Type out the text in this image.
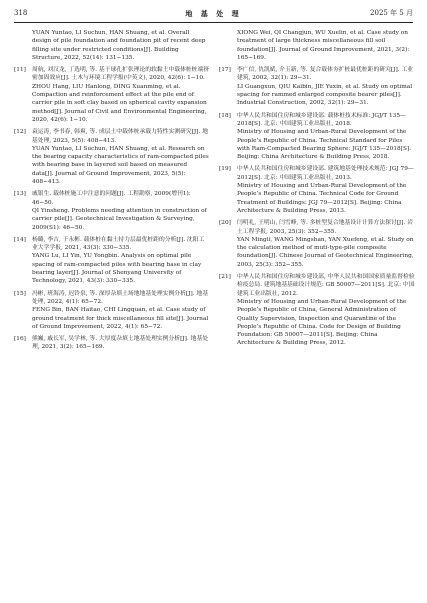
318	地 基 处 理	2025 年 5 月
YUAN Yuntao, LI Suchun, HAN Shuang, et al. Overall design of pile foundation and foundation pit of recent deep filling site under restricted conditions[J]. Building Structure, 2022, 52(14): 131−135.
[11] 周航, 刘汉龙, 丁选明, 等. 基于球孔扩张理论的软黏土中载体桩桩端挤密加固效应[J]. 土木与环境工程学报(中英文), 2020, 42(6): 1−10.
ZHOU Hang, LIU Hanlong, DING Xuanming, et al. Compaction and reinforcement effect at the pile end of carrier pile in soft clay based on spherical cavity expansion method[J]. Journal of Civil and Environmental Engineering, 2020, 42(6): 1−10.
[12] 袁运涛, 李书春, 韩爽, 等. 成层土中载体桩承载力特性实测研究[J]. 地基处理, 2023, 5(5): 408−413.
YUAN Yuntao, LI Suchun, HAN Shuang, et al. Research on the bearing capacity characteristics of ram-compacted piles with bearing base in layered soil based on measured data[J]. Journal of Ground Improvement, 2023, 5(5): 408−413.
[13] 戚银生. 载体桩施工中注意的问题[J]. 工程勘察, 2009(增刊1): 46−50.
QI Yinsheng. Problems needing attention in construction of carrier pile[J]. Geotechnical Investigation & Surveying, 2009(S1): 46−50.
[14] 杨璐, 李吉, 于永彬. 载体桩在黏土持力层最优桩距的分析[J]. 沈阳工业大学学报, 2021, 43(3): 330−335.
YANG Lu, LI Yin, YU Yongbin. Analysis on optimal pile spacing of ram-compacted piles with bearing base in clay bearing layer[J]. Journal of Shenyang University of Technology, 2021, 43(3): 330−335.
[15] 冯彬, 班海涛, 迟铃泉, 等. 深厚杂填土场地地基处理实例分析[J]. 地基处理, 2022, 4(1): 65−72.
FENG Bin, BAN Haitao, CHI Lingquan, et al. Case study of ground treatment for thick miscellaneous fill site[J]. Journal of Ground Improvement, 2022, 4(1): 65−72.
[16] 熊巍, 戚长军, 吴学林, 等. 大厚度杂填土地基处理实例分析[J]. 地基处理, 2021, 3(2): 165−169.
XIONG Wei, QI Changjun, WU Xuelin, et al. Case study on treatment of large thickness miscellaneous fill soil foundation[J]. Journal of Ground Improvement, 2021, 3(2): 165−169.
[17] 李广信, 仇凯斌, 介玉新, 等. 复合载体夯扩桩最优桩距的研究[J]. 工业建筑, 2002, 32(1): 29−31.
LI Guangxun, QIU Kaibin, JIE Yuxin, et al. Study on optimal spacing for rammed enlarged composite bearer piles[J]. Industrial Construction, 2002, 32(1): 29−31.
[18] 中华人民共和国住房和城乡建设部. 载体桩技术标准: JGJ/T 135—2018[S]. 北京: 中国建筑工业出版社, 2018.
Ministry of Housing and Urban-Rural Development of the People’s Republic of China. Technical Standard for Piles with Ram-Compacted Bearing Sphere: JGJ/T 135—2018[S]. Beijing: China Architecture & Building Press, 2018.
[19] 中华人民共和国住房和城乡建设部. 建筑地基处理技术规范: JGJ 79—2012[S]. 北京: 中国建筑工业出版社, 2013.
Ministry of Housing and Urban-Rural Development of the People’s Republic of China. Technical Code for Ground Treatment of Buildings: JGJ 79—2012[S]. Beijing: China Architecture & Building Press, 2013.
[20] 闫明礼, 王明山, 闫雪峰, 等. 多桩型复合地基设计计算方法探讨[J]. 岩土工程学报, 2003, 25(3): 352−355.
YAN Mingli, WANG Mingshan, YAN Xuefeng, et al. Study on the calculation method of muti-type-pile composite foundation[J]. Chinese Journal of Geotechnical Engineering, 2003, 25(3): 352−355.
[21] 中华人民共和国住房和城乡建设部, 中华人民共和国国家质量监督检验检疫总局. 建筑地基基础设计规范: GB 50007—2011[S]. 北京: 中国建筑工业出版社, 2012.
Ministry of Housing and Urban-Rural Development of the People’s Republic of China, General Administration of Quality Supervision, Inspection and Quarantine of the People’s Republic of China. Code for Design of Building Foundation: GB 50007—2011[S]. Beijing: China Architecture & Building Press, 2012.
